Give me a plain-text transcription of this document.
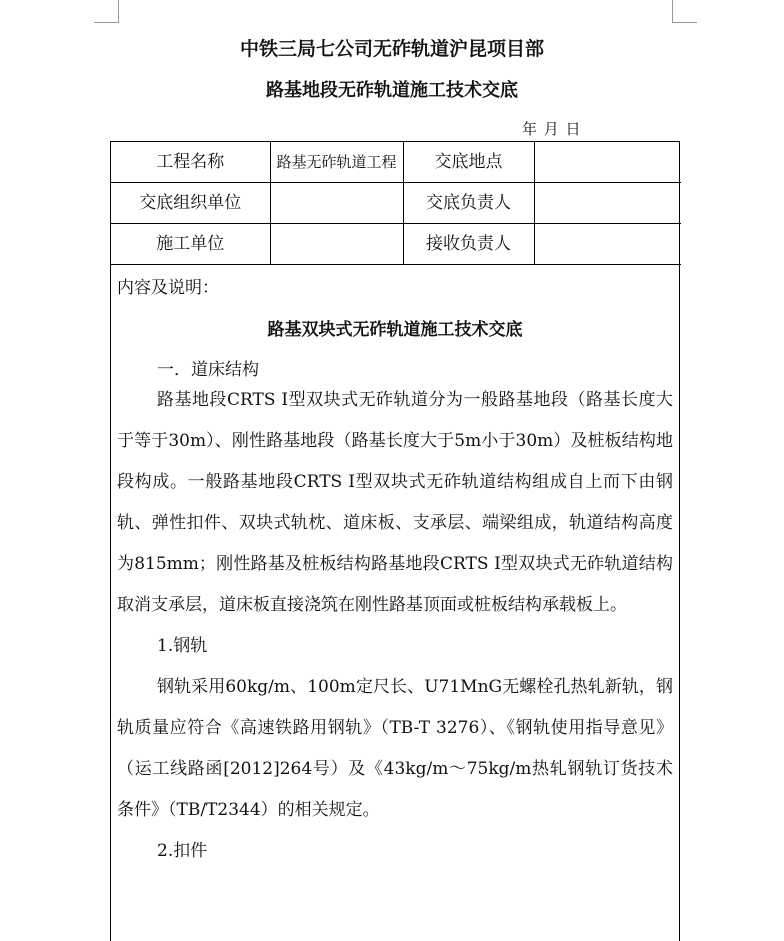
中铁三局七公司无砟轨道沪昆项目部
路基地段无砟轨道施工技术交底
年 月 日
工程名称	路基无砟轨道工程	交底地点	
交底组织单位		交底负责人	
施工单位		接收负责人	
内容及说明：
路基双块式无砟轨道施工技术交底
一．道床结构

路基地段CRTS Ⅰ型双块式无砟轨道分为一般路基地段（路基长度大于等于30m）、刚性路基地段（路基长度大于5m小于30m）及桩板结构地段构成。一般路基地段CRTS Ⅰ型双块式无砟轨道结构组成自上而下由钢轨、弹性扣件、双块式轨枕、道床板、支承层、端梁组成，轨道结构高度为815mm；刚性路基及桩板结构路基地段CRTS Ⅰ型双块式无砟轨道结构取消支承层，道床板直接浇筑在刚性路基顶面或桩板结构承载板上。

1.钢轨

钢轨采用60kg/m、100m定尺长、U71MnG无螺栓孔热轧新轨，钢轨质量应符合《高速铁路用钢轨》（TB-T 3276）、《钢轨使用指导意见》（运工线路函[2012]264号）及《43kg/m～75kg/m热轧钢轨订货技术条件》（TB/T2344）的相关规定。

2.扣件
